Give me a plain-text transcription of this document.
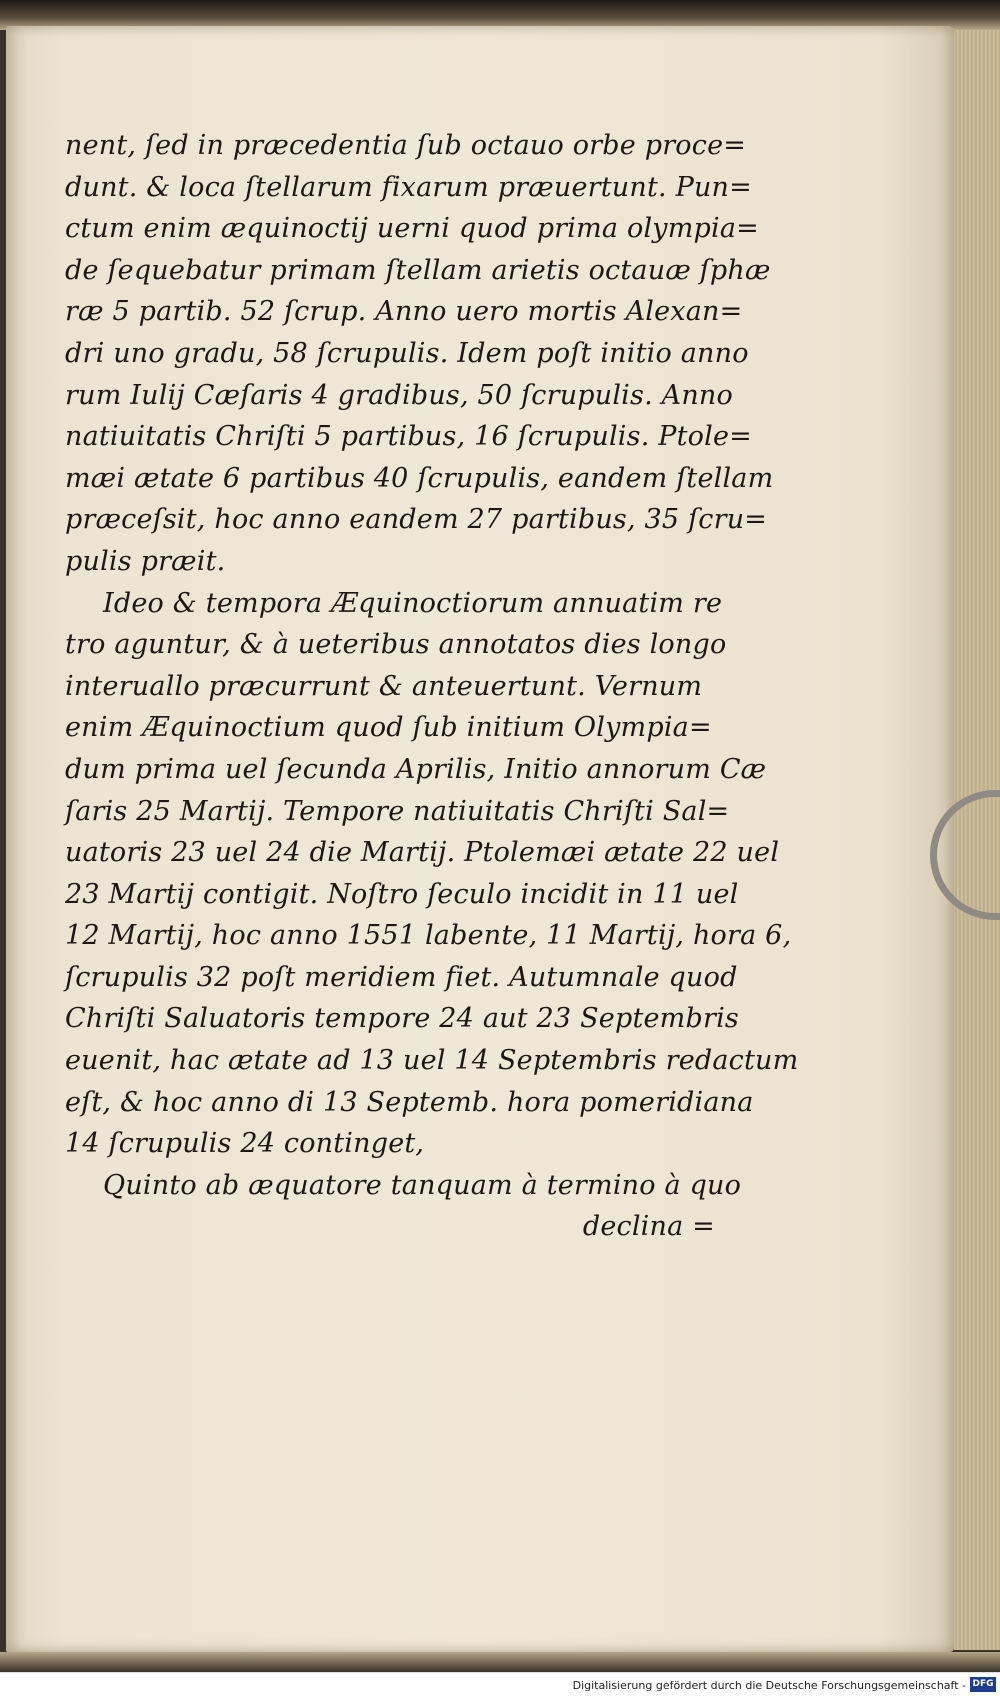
nent, ſed in præcedentia ſub octauo orbe proce=
dunt. & loca ſtellarum fixarum præuertunt. Pun=
ctum enim æquinoctij uerni quod prima olympia=
de ſequebatur primam ſtellam arietis octauæ ſphæ
ræ 5 partib. 52 ſcrup. Anno uero mortis Alexan=
dri uno gradu, 58 ſcrupulis. Idem poſt initio anno
rum Iulij Cæſaris 4 gradibus, 50 ſcrupulis. Anno
natiuitatis Chriſti 5 partibus, 16 ſcrupulis. Ptole=
mæi ætate 6 partibus 40 ſcrupulis, eandem ſtellam
præceſsit, hoc anno eandem 27 partibus, 35 ſcru=
pulis præit.
Ideo & tempora Æquinoctiorum annuatim re
tro aguntur, & à ueteribus annotatos dies longo
interuallo præcurrunt & anteuertunt. Vernum
enim Æquinoctium quod ſub initium Olympia=
dum prima uel ſecunda Aprilis, Initio annorum Cæ
ſaris 25 Martij. Tempore natiuitatis Chriſti Sal=
uatoris 23 uel 24 die Martij. Ptolemæi ætate 22 uel
23 Martij contigit. Noſtro ſeculo incidit in 11 uel
12 Martij, hoc anno 1551 labente, 11 Martij, hora 6,
ſcrupulis 32 poſt meridiem fiet. Autumnale quod
Chriſti Saluatoris tempore 24 aut 23 Septembris
euenit, hac ætate ad 13 uel 14 Septembris redactum
eſt, & hoc anno di 13 Septemb. hora pomeridiana
14 ſcrupulis 24 continget,
Quinto ab æquatore tanquam à termino à quo
declina =
Digitalisierung gefördert durch die Deutsche Forschungsgemeinschaft - DFG
